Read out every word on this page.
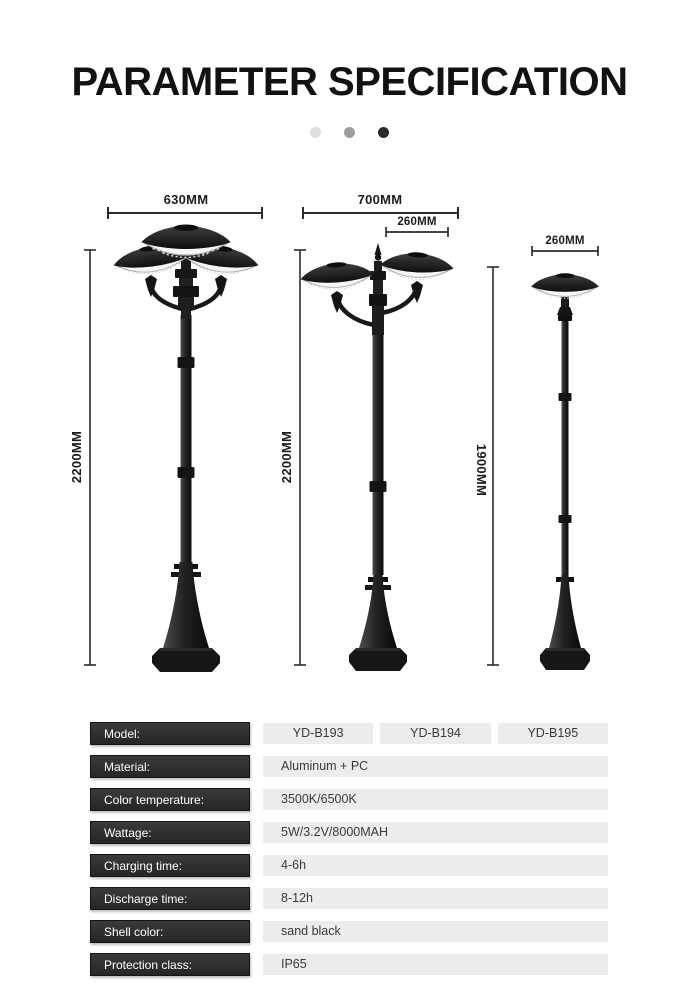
PARAMETER SPECIFICATION
630MM	700MM
260MM
260MM
2200MM	2200MM	1900MM
Model:	YD-B193	YD-B194	YD-B195
Material:	Aluminum + PC
Color temperature:	3500K/6500K
Wattage:	5W/3.2V/8000MAH
Charging time:	4-6h
Discharge time:	8-12h
Shell color:	sand black
Protection class:	IP65
